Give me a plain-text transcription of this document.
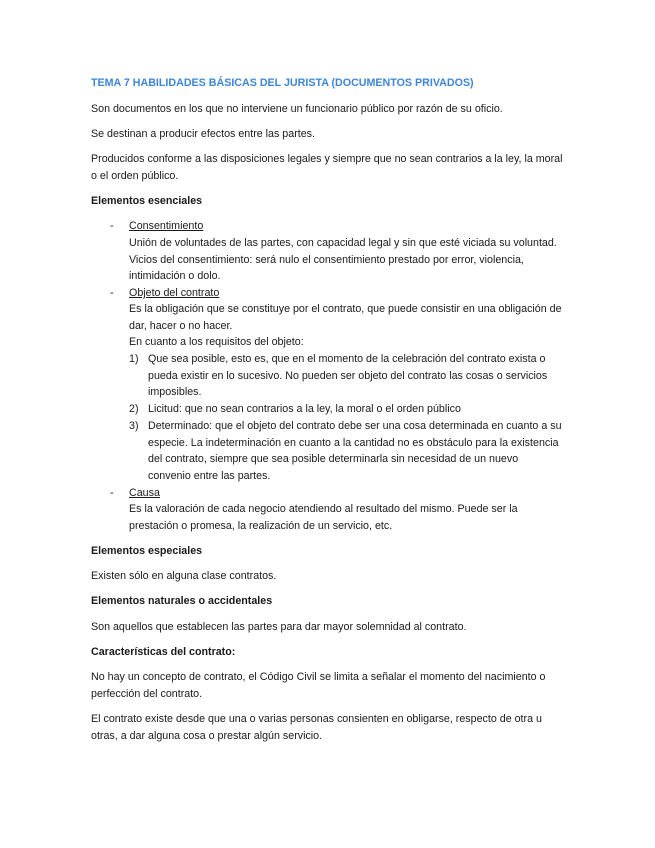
TEMA 7 HABILIDADES BÁSICAS DEL JURISTA (DOCUMENTOS PRIVADOS)

Son documentos en los que no interviene un funcionario público por razón de su oficio.

Se destinan a producir efectos entre las partes.

Producidos conforme a las disposiciones legales y siempre que no sean contrarios a la ley, la moral o el orden público.

Elementos esenciales
- Consentimiento

Unión de voluntades de las partes, con capacidad legal y sin que esté viciada su voluntad. Vicios del consentimiento: será nulo el consentimiento prestado por error, violencia, intimidación o dolo.

- Objeto del contrato

Es la obligación que se constituye por el contrato, que puede consistir en una obligación de dar, hacer o no hacer.

En cuanto a los requisitos del objeto:

1) Que sea posible, esto es, que en el momento de la celebración del contrato exista o pueda existir en lo sucesivo. No pueden ser objeto del contrato las cosas o servicios imposibles.

2) Licitud: que no sean contrarios a la ley, la moral o el orden público

3) Determinado: que el objeto del contrato debe ser una cosa determinada en cuanto a su especie. La indeterminación en cuanto a la cantidad no es obstáculo para la existencia del contrato, siempre que sea posible determinarla sin necesidad de un nuevo convenio entre las partes.

- Causa

Es la valoración de cada negocio atendiendo al resultado del mismo. Puede ser la prestación o promesa, la realización de un servicio, etc.

Elementos especiales

Existen sólo en alguna clase contratos.

Elementos naturales o accidentales

Son aquellos que establecen las partes para dar mayor solemnidad al contrato.

Características del contrato:

No hay un concepto de contrato, el Código Civil se limita a señalar el momento del nacimiento o perfección del contrato.

El contrato existe desde que una o varias personas consienten en obligarse, respecto de otra u otras, a dar alguna cosa o prestar algún servicio.
